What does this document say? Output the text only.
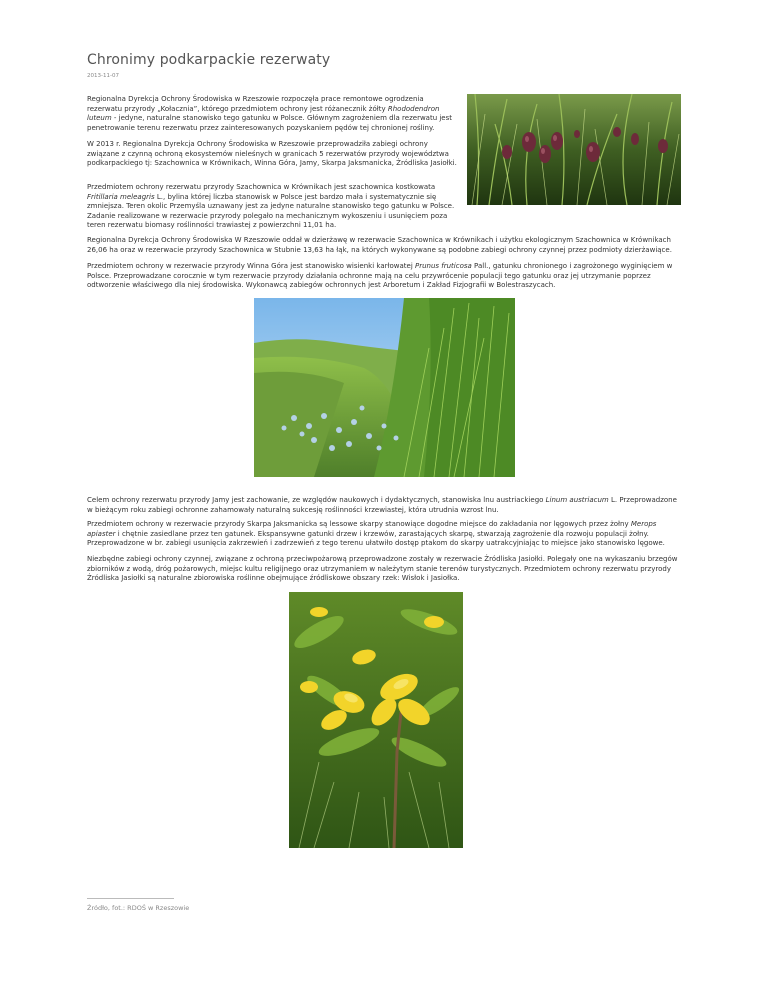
Chronimy podkarpackie rezerwaty
2013-11-07

Regionalna Dyrekcja Ochrony Środowiska w Rzeszowie rozpoczęła prace remontowe ogrodzenia rezerwatu przyrody „Kołacznia”, którego przedmiotem ochrony jest różanecznik żółty Rhododendron luteum - jedyne, naturalne stanowisko tego gatunku w Polsce. Głównym zagrożeniem dla rezerwatu jest penetrowanie terenu rezerwatu przez zainteresowanych pozyskaniem pędów tej chronionej rośliny.

W 2013 r. Regionalna Dyrekcja Ochrony Środowiska w Rzeszowie przeprowadziła zabiegi ochrony związane z czynną ochroną ekosystemów nieleśnych w granicach 5 rezerwatów przyrody województwa podkarpackiego tj: Szachownica w Krównikach, Winna Góra, Jamy, Skarpa Jaksmanicka, Źródliska Jasiołki.

Przedmiotem ochrony rezerwatu przyrody Szachownica w Krównikach jest szachownica kostkowata Fritillaria meleagris L., bylina której liczba stanowisk w Polsce jest bardzo mała i systematycznie się zmniejsza. Teren okolic Przemyśla uznawany jest za jedyne naturalne stanowisko tego gatunku w Polsce. Zadanie realizowane w rezerwacie przyrody polegało na mechanicznym wykoszeniu i usunięciem poza teren rezerwatu biomasy roślinności trawiastej z powierzchni 11,01 ha.

Regionalna Dyrekcja Ochrony Środowiska W Rzeszowie oddał w dzierżawę w rezerwacie Szachownica w Krównikach i użytku ekologicznym Szachownica w Krównikach 26,06 ha oraz w rezerwacie przyrody Szachownica w Stubnie 13,63 ha łąk, na których wykonywane są podobne zabiegi ochrony czynnej przez podmioty dzierżawiące.

Przedmiotem ochrony w rezerwacie przyrody Winna Góra jest stanowisko wisienki karłowatej Prunus fruticosa Pall., gatunku chronionego i zagrożonego wyginięciem w Polsce. Przeprowadzane corocznie w tym rezerwacie przyrody działania ochronne mają na celu przywrócenie populacji tego gatunku oraz jej utrzymanie poprzez odtworzenie właściwego dla niej środowiska. Wykonawcą zabiegów ochronnych jest Arboretum i Zakład Fizjografii w Bolestraszycach.

Celem ochrony rezerwatu przyrody Jamy jest zachowanie, ze względów naukowych i dydaktycznych, stanowiska lnu austriackiego Linum austriacum L. Przeprowadzone w bieżącym roku zabiegi ochronne zahamowały naturalną sukcesję roślinności krzewiastej, która utrudnia wzrost lnu.

Przedmiotem ochrony w rezerwacie przyrody Skarpa Jaksmanicka są lessowe skarpy stanowiące dogodne miejsce do zakładania nor lęgowych przez żołny Merops apiaster i chętnie zasiedlane przez ten gatunek. Ekspansywne gatunki drzew i krzewów, zarastających skarpę, stwarzają zagrożenie dla rozwoju populacji żołny. Przeprowadzone w br. zabiegi usunięcia zakrzewień i zadrzewień z tego terenu ułatwiło dostęp ptakom do skarpy uatrakcyjniając to miejsce jako stanowisko lęgowe.

Niezbędne zabiegi ochrony czynnej, związane z ochroną przeciwpożarową przeprowadzone zostały w rezerwacie Źródliska Jasiołki. Polegały one na wykaszaniu brzegów zbiorników z wodą, dróg pożarowych, miejsc kultu religijnego oraz utrzymaniem w należytym stanie terenów turystycznych. Przedmiotem ochrony rezerwatu przyrody Źródliska Jasiołki są naturalne zbiorowiska roślinne obejmujące źródliskowe obszary rzek: Wisłok i Jasiołka.

Źródło, fot.: RDOŚ w Rzeszowie
